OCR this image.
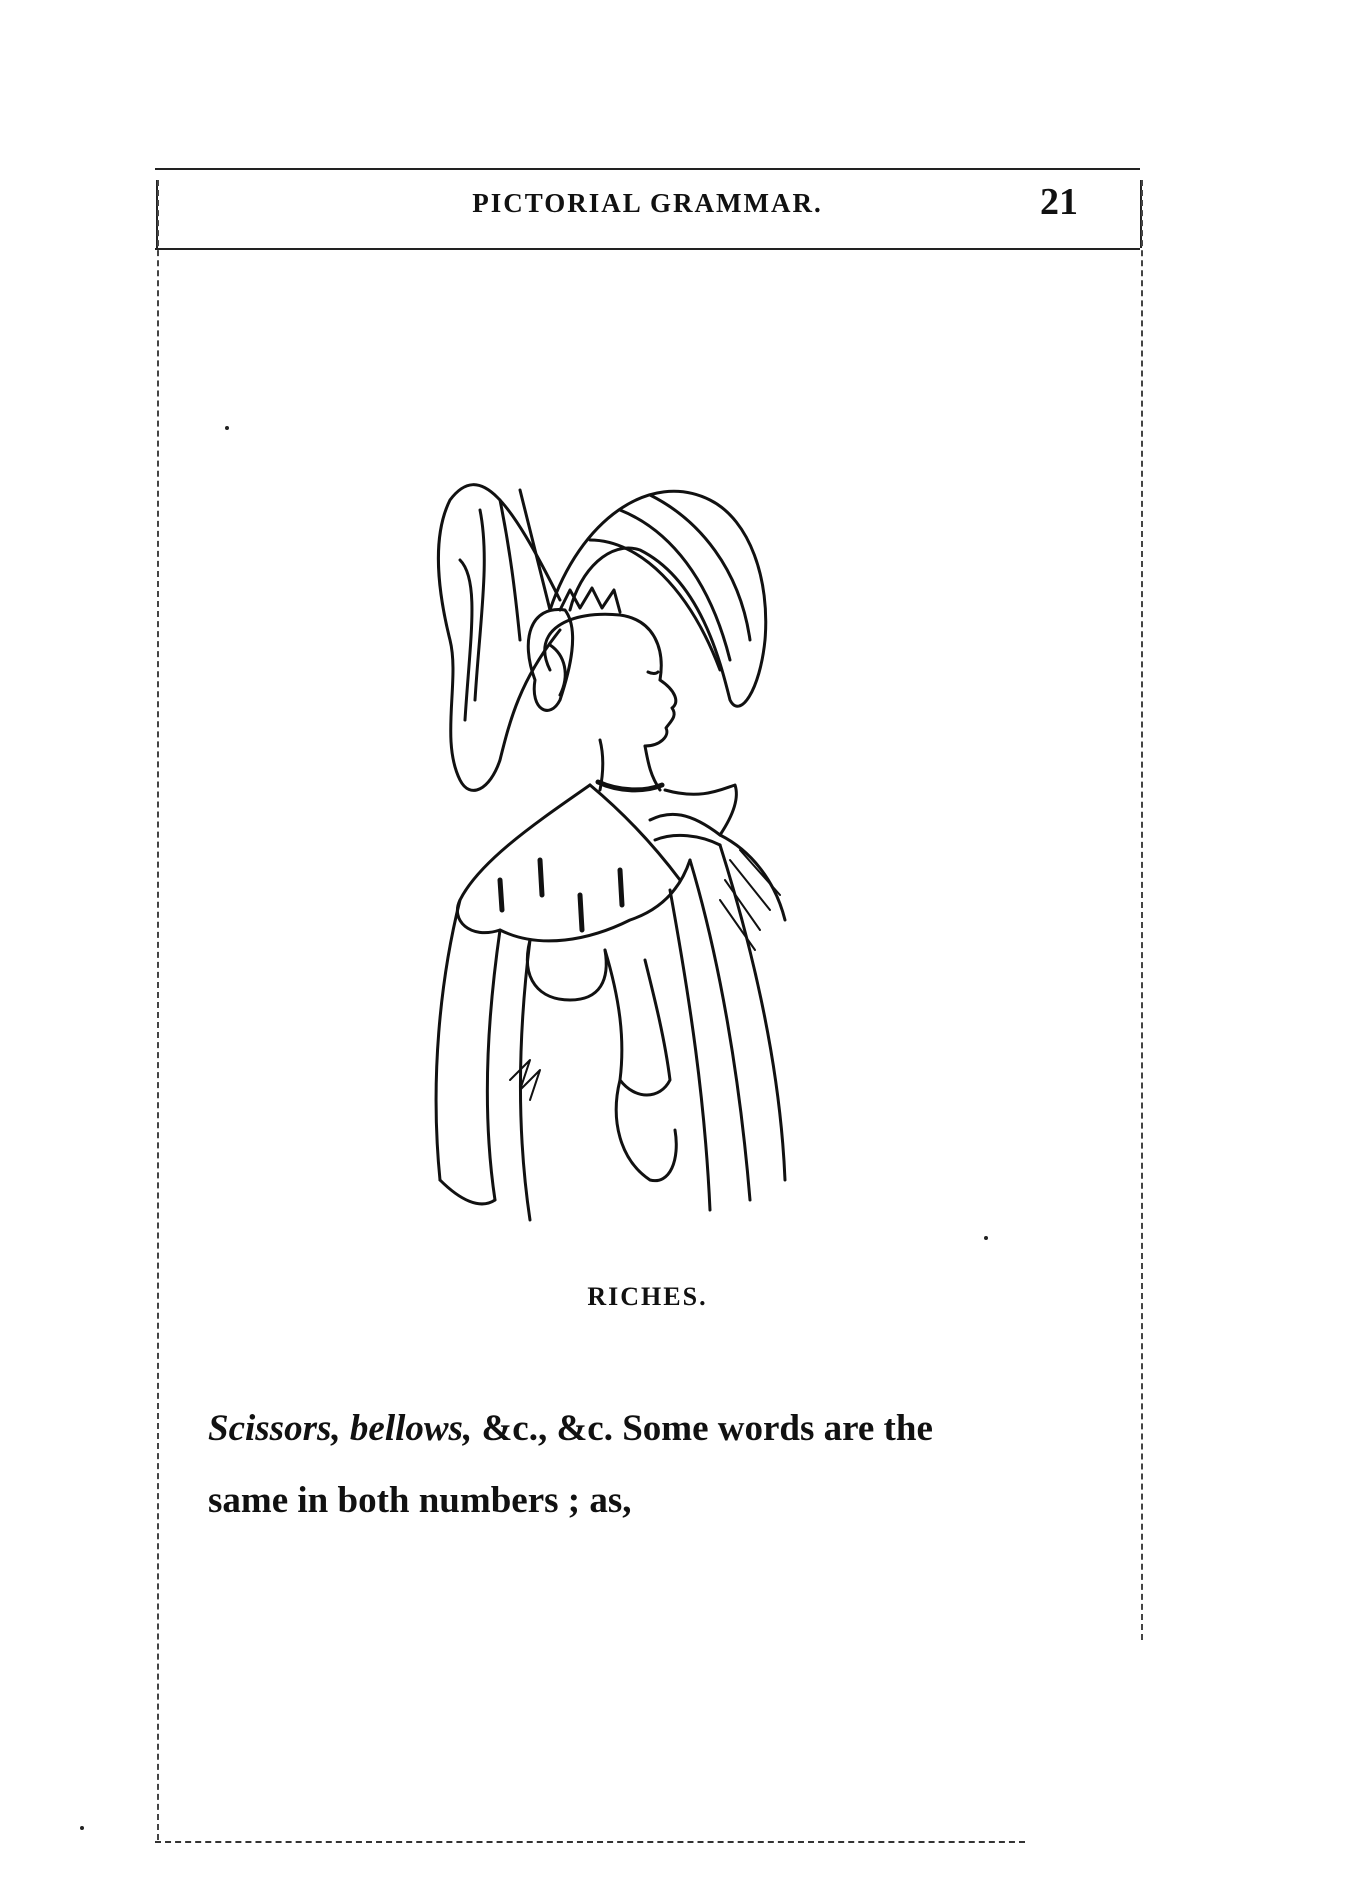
PICTORIAL GRAMMAR.	21
RICHES.
Scissors, bellows, &c., &c. Some words are the
same in both numbers ; as,
